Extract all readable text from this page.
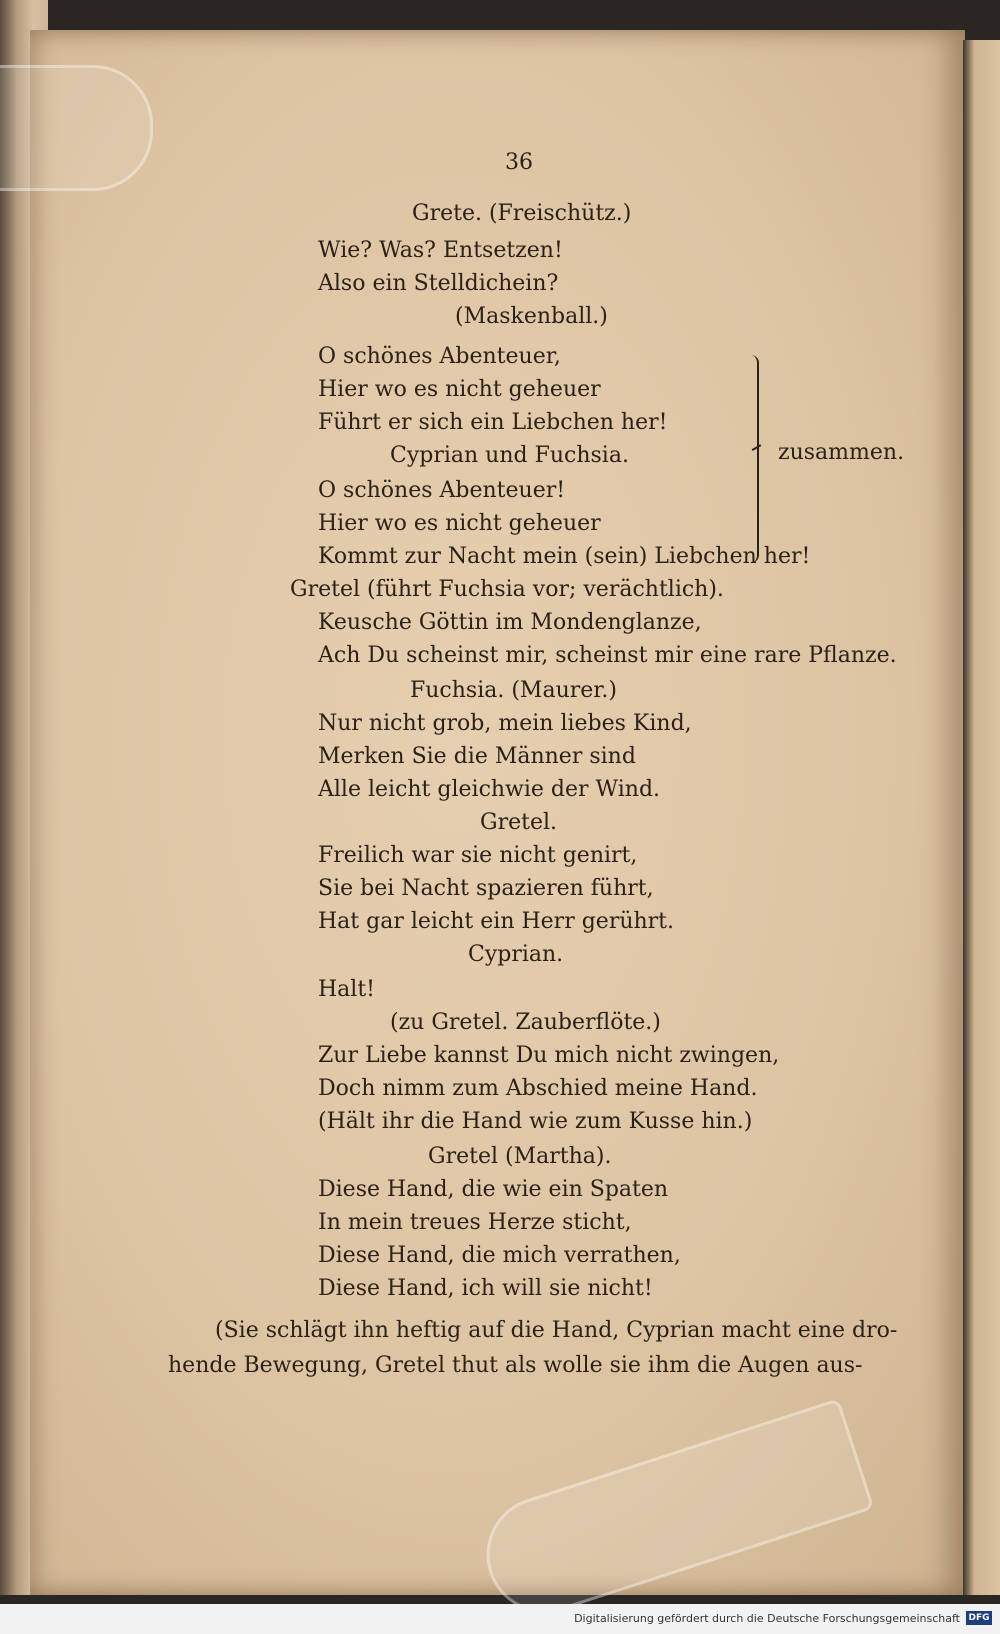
36
Grete. (Freischütz.)
Wie? Was? Entsetzen!
Also ein Stelldichein?
(Maskenball.)
O schönes Abenteuer,
Hier wo es nicht geheuer
Führt er sich ein Liebchen her!
Cyprian und Fuchsia.
O schönes Abenteuer!
Hier wo es nicht geheuer
Kommt zur Nacht mein (sein) Liebchen her!
Gretel (führt Fuchsia vor; verächtlich).
Keusche Göttin im Mondenglanze,
Ach Du scheinst mir, scheinst mir eine rare Pflanze.
Fuchsia. (Maurer.)
Nur nicht grob, mein liebes Kind,
Merken Sie die Männer sind
Alle leicht gleichwie der Wind.
Gretel.
Freilich war sie nicht genirt,
Sie bei Nacht spazieren führt,
Hat gar leicht ein Herr gerührt.
Cyprian.
Halt!
(zu Gretel. Zauberflöte.)
Zur Liebe kannst Du mich nicht zwingen,
Doch nimm zum Abschied meine Hand.
(Hält ihr die Hand wie zum Kusse hin.)
Gretel (Martha).
Diese Hand, die wie ein Spaten
In mein treues Herze sticht,
Diese Hand, die mich verrathen,
Diese Hand, ich will sie nicht!
(Sie schlägt ihn heftig auf die Hand, Cyprian macht eine dro-
hende Bewegung, Gretel thut als wolle sie ihm die Augen aus-
zusammen.
Digitalisierung gefördert durch die Deutsche Forschungsgemeinschaft DFG
